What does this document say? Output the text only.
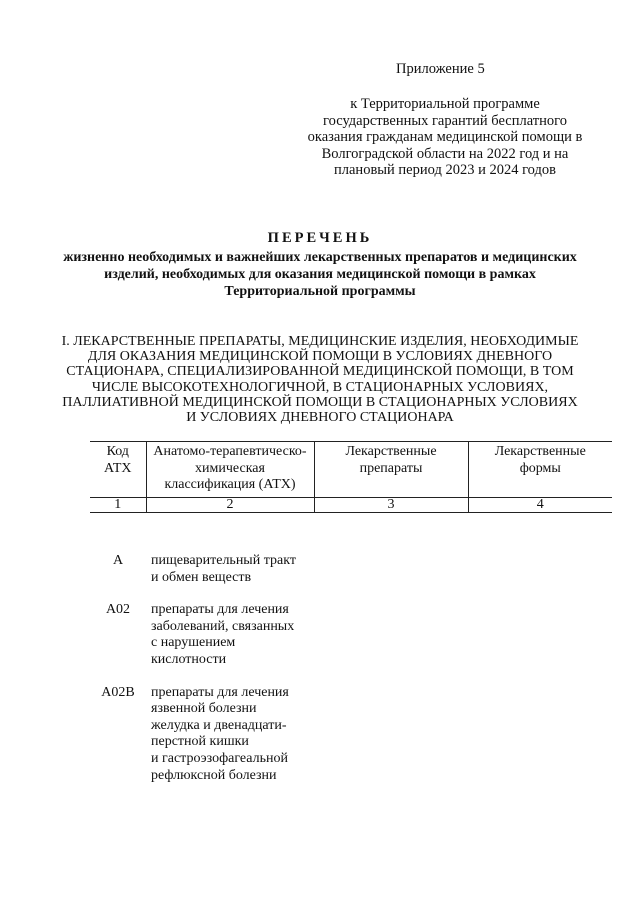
Приложение 5
к Территориальной программе государственных гарантий бесплатного оказания гражданам медицинской помощи в Волгоградской области на 2022 год и на плановый период 2023 и 2024 годов
ПЕРЕЧЕНЬ
жизненно необходимых и важнейших лекарственных препаратов и медицинских изделий, необходимых для оказания медицинской помощи в рамках Территориальной программы
I. ЛЕКАРСТВЕННЫЕ ПРЕПАРАТЫ, МЕДИЦИНСКИЕ ИЗДЕЛИЯ, НЕОБХОДИМЫЕ ДЛЯ ОКАЗАНИЯ МЕДИЦИНСКОЙ ПОМОЩИ В УСЛОВИЯХ ДНЕВНОГО СТАЦИОНАРА, СПЕЦИАЛИЗИРОВАННОЙ МЕДИЦИНСКОЙ ПОМОЩИ, В ТОМ ЧИСЛЕ ВЫСОКОТЕХНОЛОГИЧНОЙ, В СТАЦИОНАРНЫХ УСЛОВИЯХ, ПАЛЛИАТИВНОЙ МЕДИЦИНСКОЙ ПОМОЩИ В СТАЦИОНАРНЫХ УСЛОВИЯХ И УСЛОВИЯХ ДНЕВНОГО СТАЦИОНАРА
Код АТХ	Анатомо-терапевтическо-химическая классификация (АТХ)	Лекарственные препараты	Лекарственные формы
1	2	3	4
A	пищеварительный тракт
и обмен веществ
A02	препараты для лечения
заболеваний, связанных
с нарушением
кислотности
A02B	препараты для лечения
язвенной болезни
желудка и двенадцати-
перстной кишки
и гастроэзофагеальной
рефлюксной болезни
